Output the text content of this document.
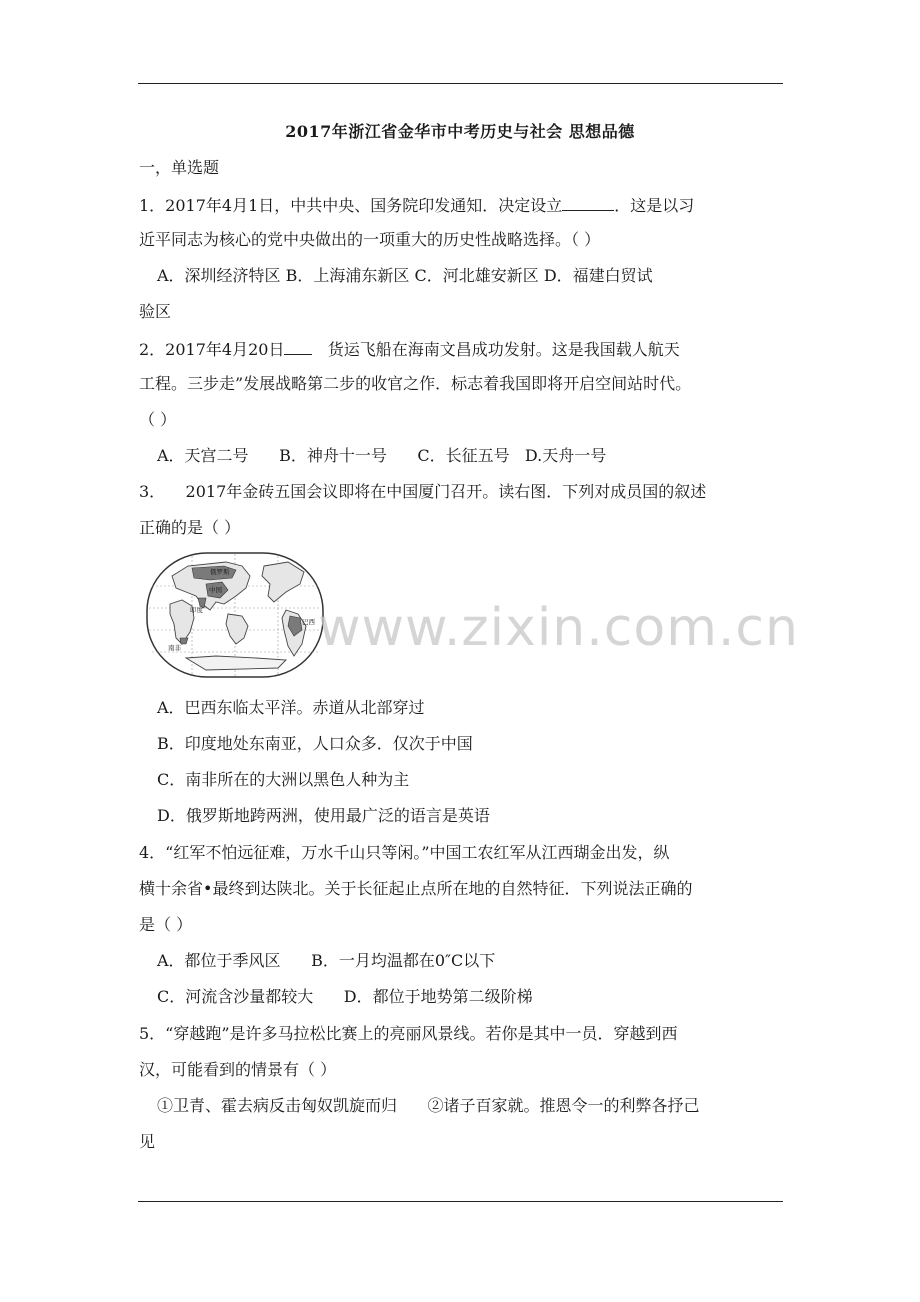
2017年浙江省金华市中考历史与社会 思想品德
一，单选题
1．2017年4月1日，中共中央、国务院印发通知．决定设立	．这是以习
近平同志为核心的党中央做出的一项重大的历史性战略选择。（ ）
A．深圳经济特区 B．上海浦东新区 C．河北雄安新区 D．福建白贸试
验区
2．2017年4月20日   货运飞船在海南文昌成功发射。这是我国载人航天
工程。三步走”发展战略第二步的收官之作．标志着我国即将开启空间站时代。
（ ）
A．天宫二号      B．神舟十一号      C．长征五号   D.天舟一号
3．    2017年金砖五国会议即将在中国厦门召开。读右图．下列对成员国的叙述
正确的是（ ）
俄罗斯
中国
印度
巴西
南非	www.zixin.com.cn
A．巴西东临太平洋。赤道从北部穿过
B．印度地处东南亚，人口众多．仅次于中国
C．南非所在的大洲以黑色人种为主
D．俄罗斯地跨两洲，使用最广泛的语言是英语
4．“红军不怕远征难，万水千山只等闲。”中国工农红军从江西瑚金出发，纵
横十余省•最终到达陕北。关于长征起止点所在地的自然特征．下列说法正确的
是（ ）
A．都位于季风区      B．一月均温都在0″C以下
C．河流含沙量都较大      D．都位于地势第二级阶梯
5．“穿越跑”是许多马拉松比赛上的亮丽风景线。若你是其中一员．穿越到西
汉，可能看到的情景有（ ）
①卫青、霍去病反击匈奴凯旋而归      ②诸子百家就。推恩令一的利弊各抒己
见
